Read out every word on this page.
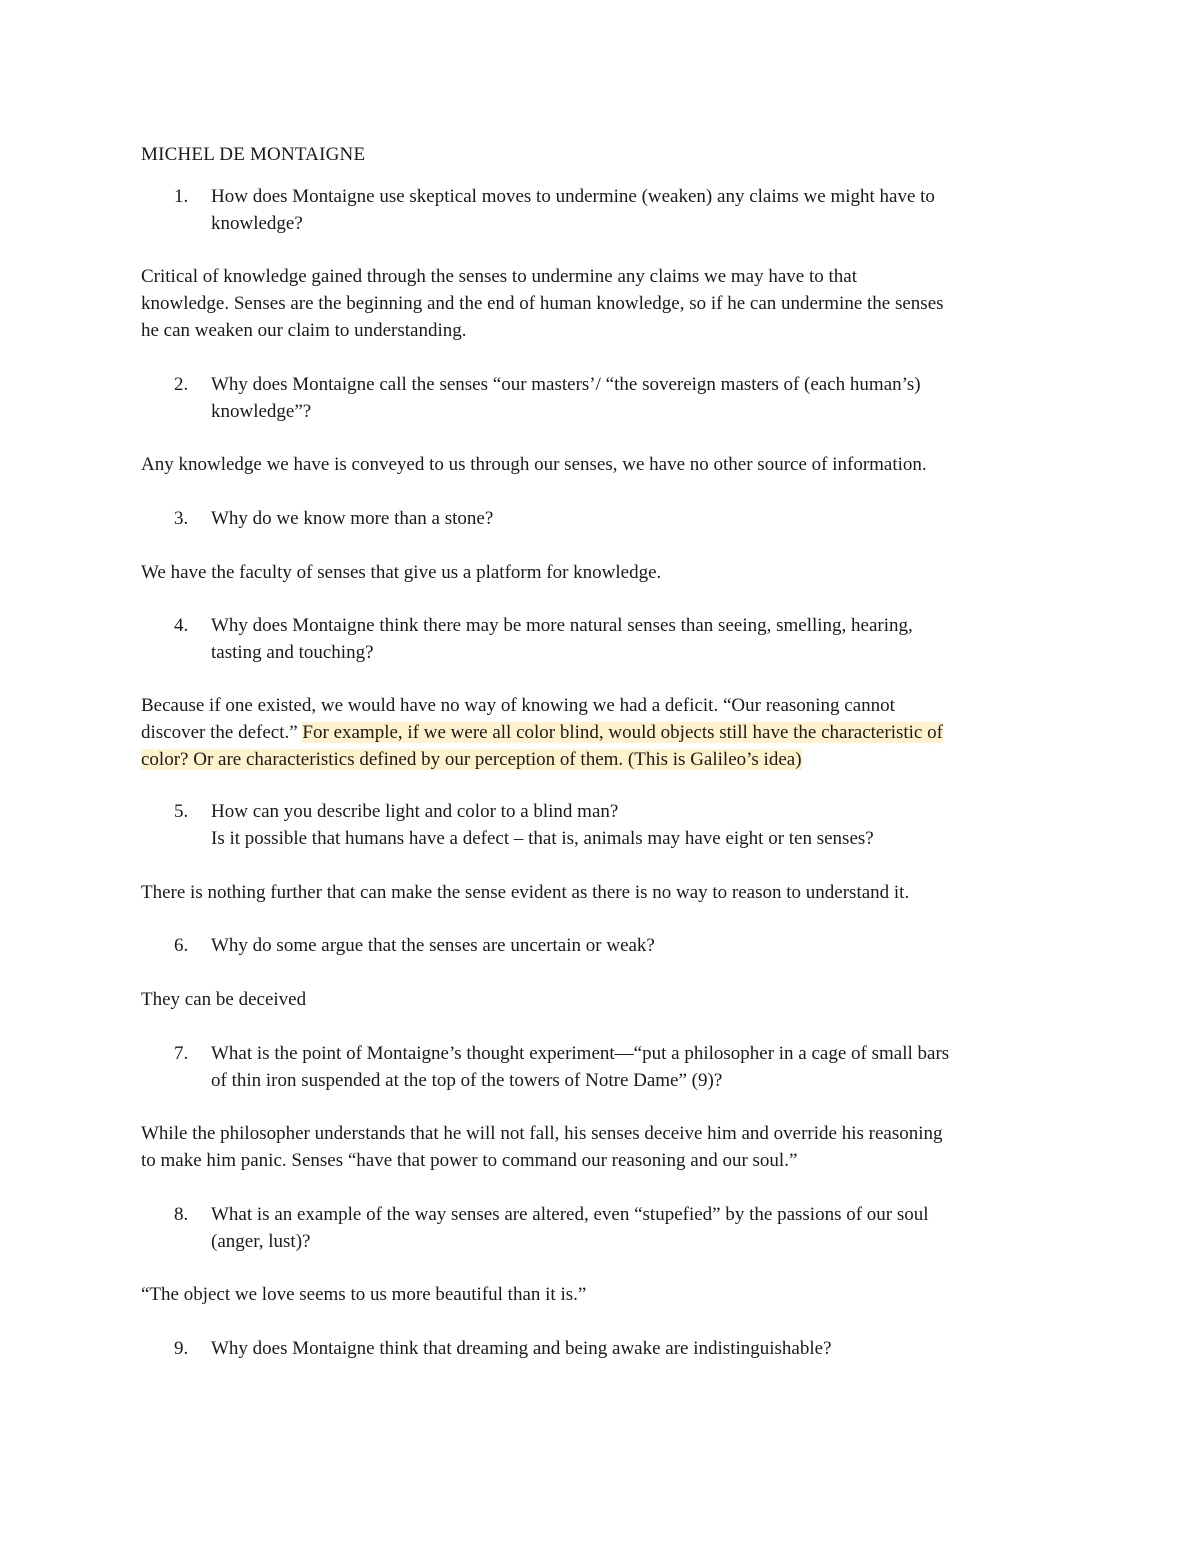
MICHEL DE MONTAIGNE
1. How does Montaigne use skeptical moves to undermine (weaken) any claims we might have to
knowledge?
Critical of knowledge gained through the senses to undermine any claims we may have to that
knowledge. Senses are the beginning and the end of human knowledge, so if he can undermine the senses
he can weaken our claim to understanding.
2. Why does Montaigne call the senses “our masters’/ “the sovereign masters of (each human’s)
knowledge”?
Any knowledge we have is conveyed to us through our senses, we have no other source of information.
3. Why do we know more than a stone?
We have the faculty of senses that give us a platform for knowledge.
4. Why does Montaigne think there may be more natural senses than seeing, smelling, hearing,
tasting and touching?
Because if one existed, we would have no way of knowing we had a deficit. “Our reasoning cannot
discover the defect.” For example, if we were all color blind, would objects still have the characteristic of
color? Or are characteristics defined by our perception of them. (This is Galileo’s idea)
5. How can you describe light and color to a blind man?
Is it possible that humans have a defect – that is, animals may have eight or ten senses?
There is nothing further that can make the sense evident as there is no way to reason to understand it.
6. Why do some argue that the senses are uncertain or weak?
They can be deceived
7. What is the point of Montaigne’s thought experiment—“put a philosopher in a cage of small bars
of thin iron suspended at the top of the towers of Notre Dame” (9)?
While the philosopher understands that he will not fall, his senses deceive him and override his reasoning
to make him panic. Senses “have that power to command our reasoning and our soul.”
8. What is an example of the way senses are altered, even “stupefied” by the passions of our soul
(anger, lust)?
“The object we love seems to us more beautiful than it is.”
9. Why does Montaigne think that dreaming and being awake are indistinguishable?
